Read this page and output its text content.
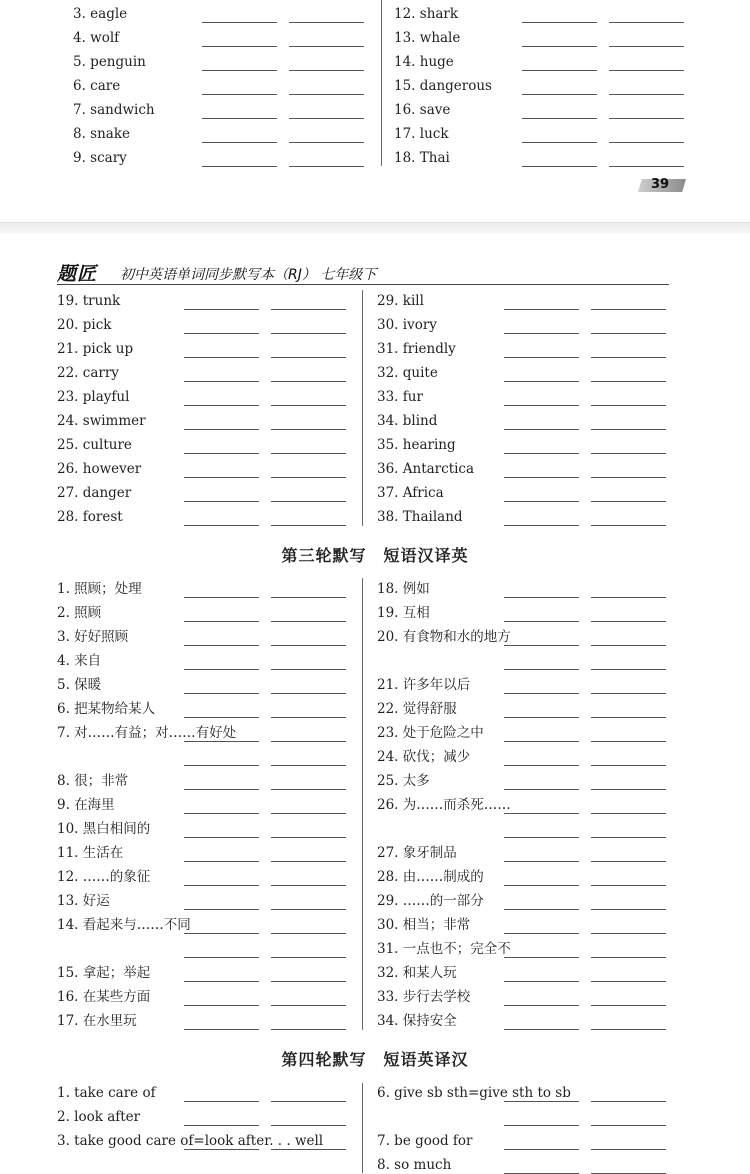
3. eagle
4. wolf
5. penguin
6. care
7. sandwich
8. snake
9. scary
12. shark
13. whale
14. huge
15. dangerous
16. save
17. luck
18. Thai
19. trunk
20. pick
21. pick up
22. carry
23. playful
24. swimmer
25. culture
26. however
27. danger
28. forest
29. kill
30. ivory
31. friendly
32. quite
33. fur
34. blind
35. hearing
36. Antarctica
37. Africa
38. Thailand
1. 照顾；处理
2. 照顾
3. 好好照顾
4. 来自
5. 保暖
6. 把某物给某人
7. 对……有益；对……有好处
8. 很；非常
9. 在海里
10. 黑白相间的
11. 生活在
12. ……的象征
13. 好运
14. 看起来与……不同
15. 拿起；举起
16. 在某些方面
17. 在水里玩
18. 例如
19. 互相
20. 有食物和水的地方
21. 许多年以后
22. 觉得舒服
23. 处于危险之中
24. 砍伐；减少
25. 太多
26. 为……而杀死……
27. 象牙制品
28. 由……制成的
29. ……的一部分
30. 相当；非常
31. 一点也不；完全不
32. 和某人玩
33. 步行去学校
34. 保持安全
1. take care of
2. look after
3. take good care of=look after. . . well
6. give sb sth=give sth to sb
7. be good for
8. so much
39
题匠 初中英语单词同步默写本（RJ） 七年级下
第三轮默写　短语汉译英
第四轮默写　短语英译汉
